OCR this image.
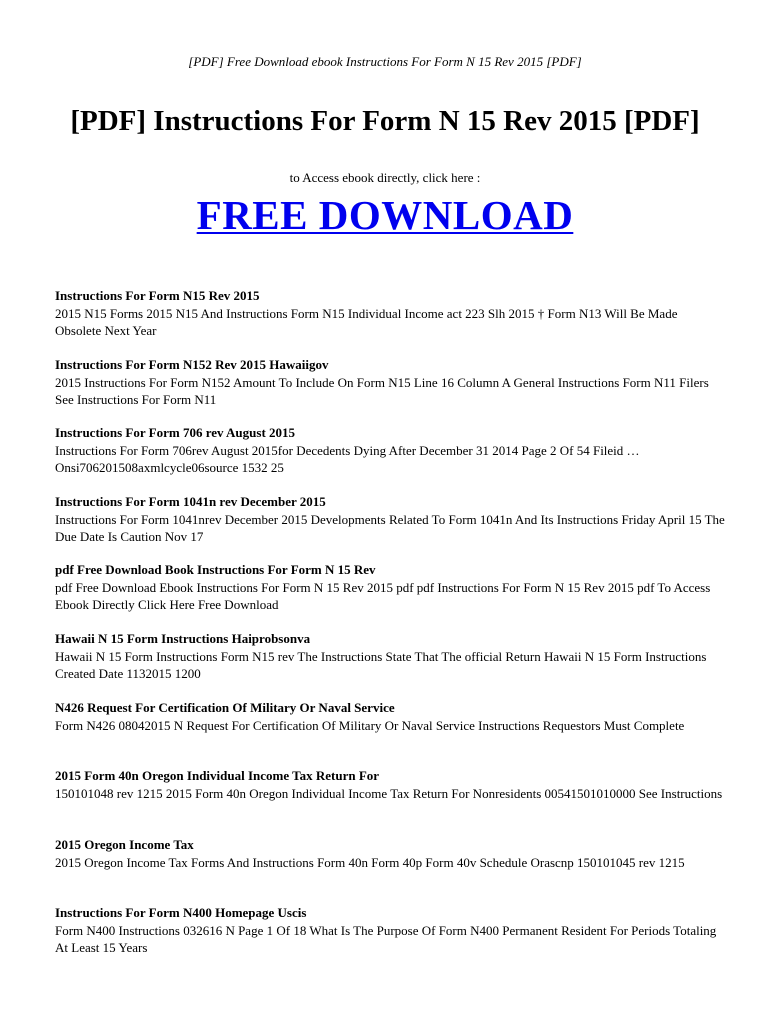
[PDF] Free Download ebook Instructions For Form N 15 Rev 2015 [PDF]
[PDF] Instructions For Form N 15 Rev 2015 [PDF]
to Access ebook directly, click here :
FREE DOWNLOAD
Instructions For Form N15 Rev 2015
2015 N15 Forms 2015 N15 And Instructions Form N15 Individual Income act 223 Slh 2015 † Form N13 Will Be Made Obsolete Next Year
Instructions For Form N152 Rev 2015 Hawaiigov
2015 Instructions For Form N152 Amount To Include On Form N15 Line 16 Column A General Instructions Form N11 Filers See Instructions For Form N11
Instructions For Form 706 rev August 2015
Instructions For Form 706rev August 2015for Decedents Dying After December 31 2014 Page 2 Of 54 Fileid … Onsi706201508axmlcycle06source 1532 25
Instructions For Form 1041n rev December 2015
Instructions For Form 1041nrev December 2015 Developments Related To Form 1041n And Its Instructions Friday April 15 The Due Date Is Caution Nov 17
pdf Free Download Book Instructions For Form N 15 Rev
pdf Free Download Ebook Instructions For Form N 15 Rev 2015 pdf pdf Instructions For Form N 15 Rev 2015 pdf To Access Ebook Directly Click Here Free Download
Hawaii N 15 Form Instructions Haiprobsonva
Hawaii N 15 Form Instructions Form N15 rev The Instructions State That The official Return Hawaii N 15 Form Instructions Created Date 1132015 1200
N426 Request For Certification Of Military Or Naval Service
Form N426 08042015 N Request For Certification Of Military Or Naval Service Instructions Requestors Must Complete
2015 Form 40n Oregon Individual Income Tax Return For
150101048 rev 1215 2015 Form 40n Oregon Individual Income Tax Return For Nonresidents 00541501010000 See Instructions
2015 Oregon Income Tax
2015 Oregon Income Tax Forms And Instructions Form 40n Form 40p Form 40v Schedule Orascnp 150101045 rev 1215
Instructions For Form N400 Homepage Uscis
Form N400 Instructions 032616 N Page 1 Of 18 What Is The Purpose Of Form N400 Permanent Resident For Periods Totaling At Least 15 Years
